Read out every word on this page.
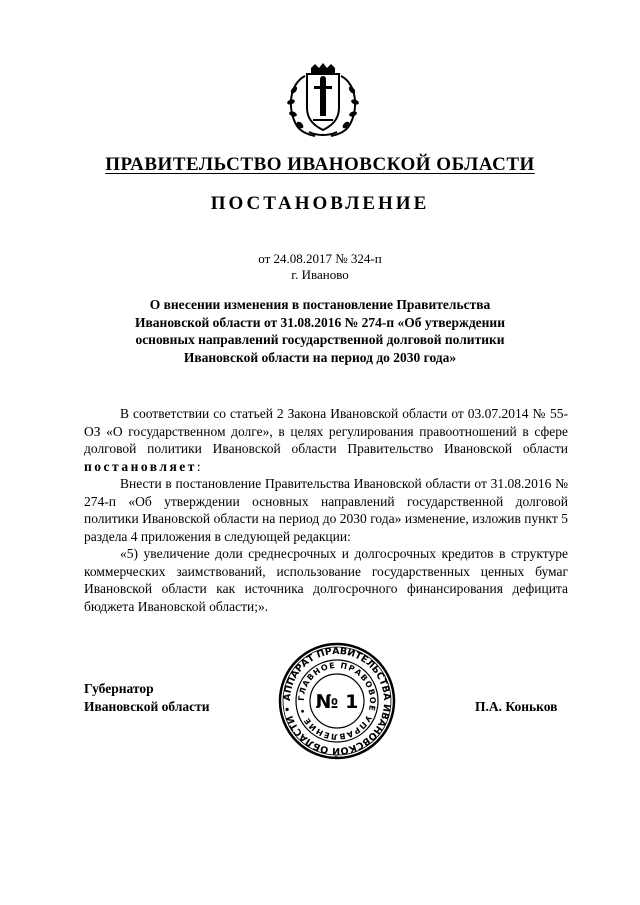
ПРАВИТЕЛЬСТВО ИВАНОВСКОЙ ОБЛАСТИ
ПОСТАНОВЛЕНИЕ
от 24.08.2017 № 324-п
г. Иваново
О внесении изменения в постановление Правительства
Ивановской области от 31.08.2016 № 274-п «Об утверждении
основных направлений государственной долговой политики
Ивановской области на период до 2030 года»

В соответствии со статьей 2 Закона Ивановской области от 03.07.2014 № 55-ОЗ «О государственном долге», в целях регулирования правоотношений в сфере долговой политики Ивановской области Правительство Ивановской области постановляет:

Внести в постановление Правительства Ивановской области от 31.08.2016 № 274-п «Об утверждении основных направлений государственной долговой политики Ивановской области на период до 2030 года» изменение, изложив пункт 5 раздела 4 приложения в следующей редакции:

«5) увеличение доли среднесрочных и долгосрочных кредитов в структуре коммерческих заимствований, использование государственных ценных бумаг Ивановской области как источника долгосрочного финансирования дефицита бюджета Ивановской области;».

Губернатор
Ивановской области	П.А. Коньков
АППАРАТ ПРАВИТЕЛЬСТВА ИВАНОВСКОЙ ОБЛАСТИ •
ГЛАВНОЕ ПРАВОВОЕ УПРАВЛЕНИЕ • № 1
